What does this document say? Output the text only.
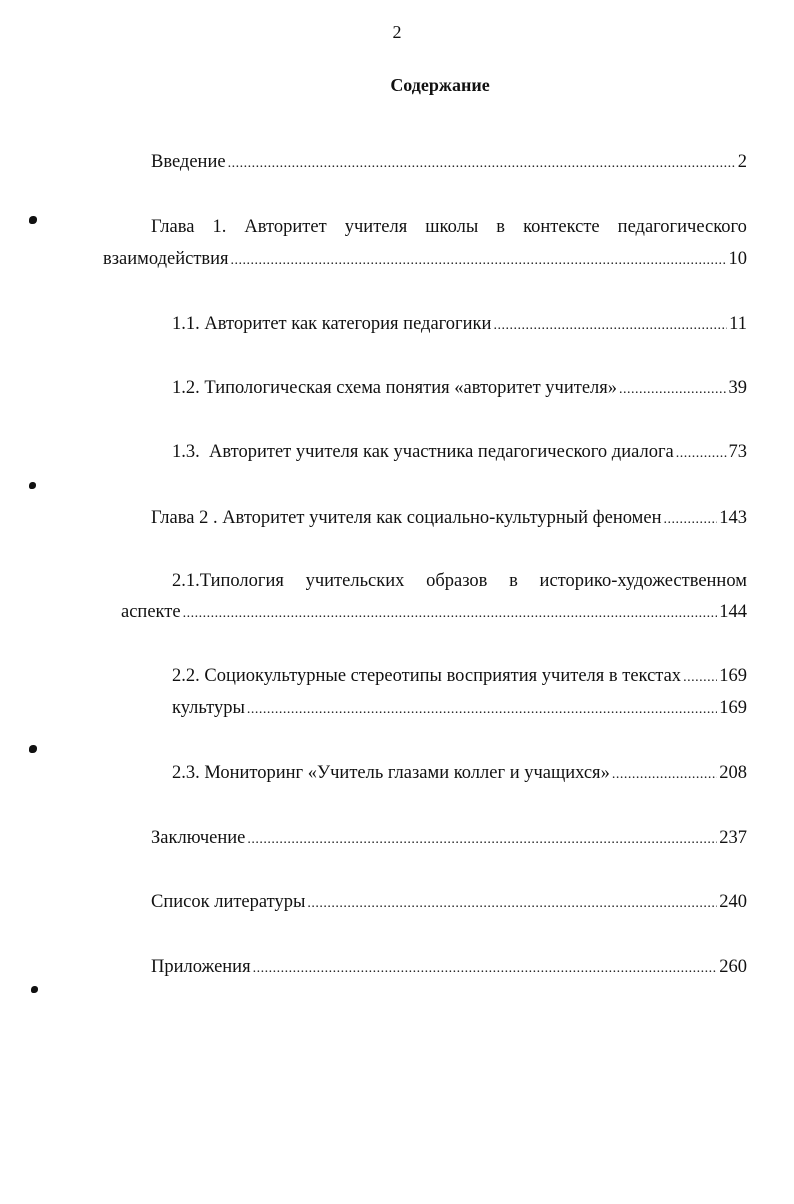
2
Содержание
Введение .....	2
Глава 1. Авторитет учителя школы в контексте педагогического
взаимодействия .....	10
1.1. Авторитет как категория педагогики .....	11
1.2. Типологическая схема понятия «авторитет учителя» .....	39
1.3.  Авторитет учителя как участника педагогического диалога .....	73
Глава 2 . Авторитет учителя как социально-культурный феномен .....	143
2.1.Типология учительских образов в историко-художественном
аспекте .....	144
2.2. Социокультурные стереотипы восприятия учителя в текстах ..... 169
культуры .....	169
2.3. Мониторинг «Учитель глазами коллег и учащихся» .....	208
Заключение .....	237
Список литературы .....	240
Приложения .....	260
